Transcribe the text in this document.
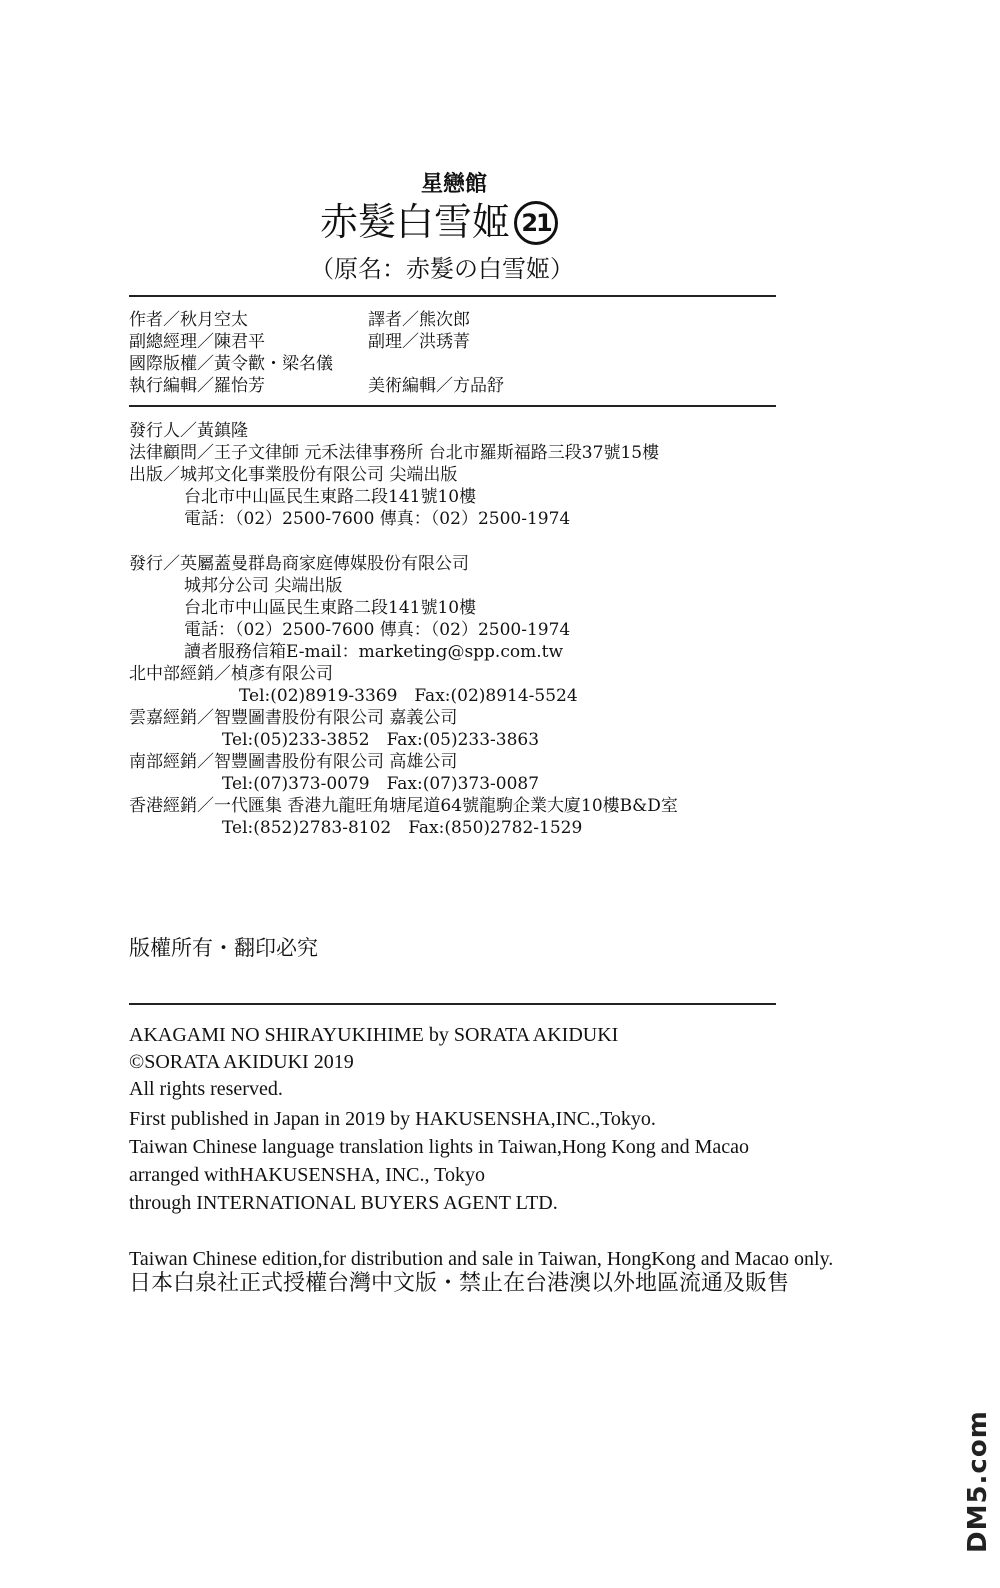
星戀館
赤髮白雪姬 21
（原名：赤髮の白雪姬）
作者／秋月空太
副總經理／陳君平
國際版權／黃令歡・梁名儀
執行編輯／羅怡芳
譯者／熊次郎
副理／洪琇菁
美術編輯／方品舒
發行人／黃鎮隆
法律顧問／王子文律師 元禾法律事務所 台北市羅斯福路三段37號15樓
出版／城邦文化事業股份有限公司 尖端出版
台北市中山區民生東路二段141號10樓
電話：（02）2500-7600 傳真：（02）2500-1974
發行／英屬蓋曼群島商家庭傳媒股份有限公司
城邦分公司 尖端出版
台北市中山區民生東路二段141號10樓
電話：（02）2500-7600 傳真：（02）2500-1974
讀者服務信箱E-mail：marketing@spp.com.tw
北中部經銷／楨彥有限公司
Tel:(02)8919-3369　Fax:(02)8914-5524
雲嘉經銷／智豐圖書股份有限公司 嘉義公司
Tel:(05)233-3852　Fax:(05)233-3863
南部經銷／智豐圖書股份有限公司 高雄公司
Tel:(07)373-0079　Fax:(07)373-0087
香港經銷／一代匯集 香港九龍旺角塘尾道64號龍駒企業大廈10樓B&D室
Tel:(852)2783-8102　Fax:(850)2782-1529
版權所有・翻印必究
AKAGAMI NO SHIRAYUKIHIME by SORATA AKIDUKI
©SORATA AKIDUKI 2019
All rights reserved.
First published in Japan in 2019 by HAKUSENSHA,INC.,Tokyo.
Taiwan Chinese language translation lights in Taiwan,Hong Kong and Macao
arranged withHAKUSENSHA, INC., Tokyo
through INTERNATIONAL BUYERS AGENT LTD.
Taiwan Chinese edition,for distribution and sale in Taiwan, HongKong and Macao only.
日本白泉社正式授權台灣中文版・禁止在台港澳以外地區流通及販售
DM5.com
